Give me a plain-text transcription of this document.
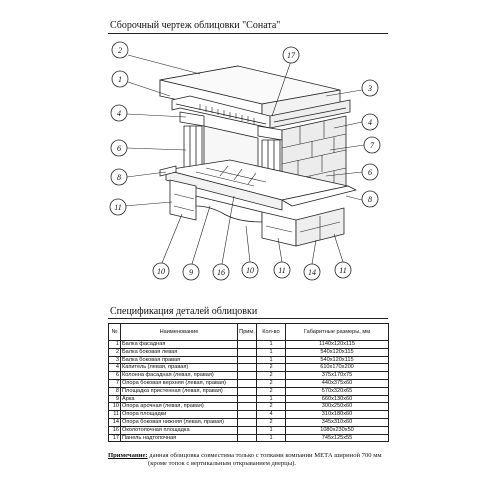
Сборочный чертеж облицовки "Соната"
2
1
17
3
4
4
6	7
8
6
11
8
10	9	16	10	11	14	11
Спецификация деталей облицовки
№	Наименование	Прим.	Кол-во	Габаритные размеры, мм
1	Балка фасадная		1	1140x120x115
2	Балка боковая левая		1	540x120x115
3	Балка боковая правая		1	540x120x115
4	Капитель (левая, правая)		2	610x170x200
6	Колонна фасадная (левая, правая)		2	375x170x75
7	Опора боковая верхняя (левая, правая)		2	440x375x60
8	Площадка пристенная (левая, правая)		2	570x320x65
9	Арка		1	660x130x60
10	Опора арочная (левая, правая)		2	300x250x60
11	Опора площадки		4	310x180x60
14	Опора боковая нижняя (левая, правая)		2	345x310x60
16	Околотопочная площадка		1	1080x230x50
17	Панель надтопочная		1	745x125x55
Примечание: данная облицовка совместима только с топками компании МЕТА шириной 700 мм
(кроме топок с вертикальным открыванием дверцы).
